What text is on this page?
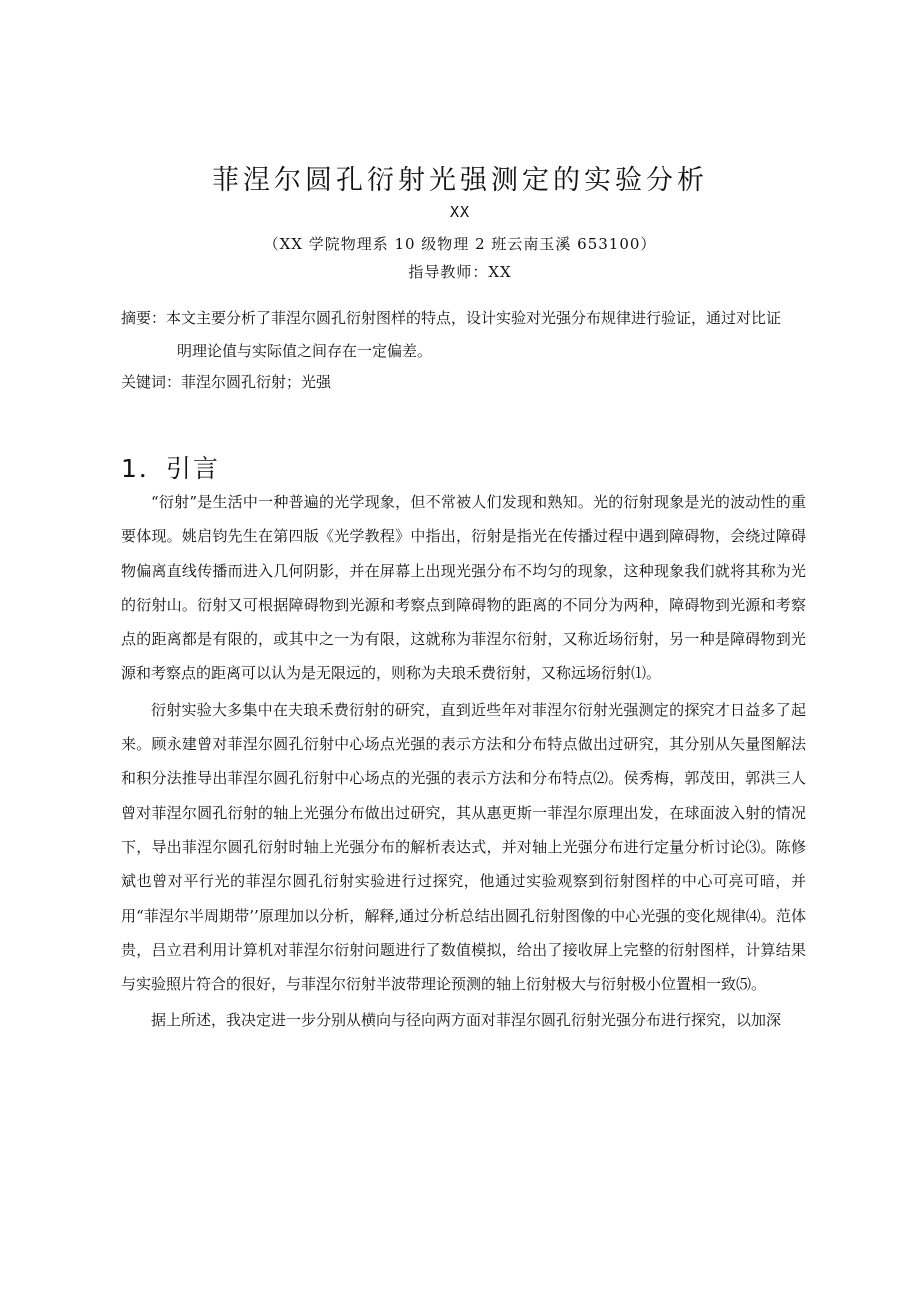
菲涅尔圆孔衍射光强测定的实验分析
XX
（XX 学院物理系 10 级物理 2 班云南玉溪 653100）
指导教师：XX
摘要：本文主要分析了菲涅尔圆孔衍射图样的特点，设计实验对光强分布规律进行验证，通过对比证
明理论值与实际值之间存在一定偏差。
关键词：菲涅尔圆孔衍射；光强
1．引言

“衍射”是生活中一种普遍的光学现象，但不常被人们发现和熟知。光的衍射现象是光的波动性的重要体现。姚启钧先生在第四版《光学教程》中指出，衍射是指光在传播过程中遇到障碍物，会绕过障碍物偏离直线传播而进入几何阴影，并在屏幕上出现光强分布不均匀的现象，这种现象我们就将其称为光的衍射山。衍射又可根据障碍物到光源和考察点到障碍物的距离的不同分为两种，障碍物到光源和考察点的距离都是有限的，或其中之一为有限，这就称为菲涅尔衍射，又称近场衍射，另一种是障碍物到光源和考察点的距离可以认为是无限远的，则称为夫琅禾费衍射，又称远场衍射⑴。

衍射实验大多集中在夫琅禾费衍射的研究，直到近些年对菲涅尔衍射光强测定的探究才日益多了起来。顾永建曾对菲涅尔圆孔衍射中心场点光强的表示方法和分布特点做出过研究，其分别从矢量图解法和积分法推导出菲涅尔圆孔衍射中心场点的光强的表示方法和分布特点⑵。侯秀梅，郭茂田，郭洪三人曾对菲涅尔圆孔衍射的轴上光强分布做出过研究，其从惠更斯一菲涅尔原理出发，在球面波入射的情况下，导出菲涅尔圆孔衍射时轴上光强分布的解析表达式，并对轴上光强分布进行定量分析讨论⑶。陈修斌也曾对平行光的菲涅尔圆孔衍射实验进行过探究，他通过实验观察到衍射图样的中心可亮可暗，并用“菲涅尔半周期带’’原理加以分析，解释,通过分析总结出圆孔衍射图像的中心光强的变化规律⑷。范体贵，吕立君利用计算机对菲涅尔衍射问题进行了数值模拟，给出了接收屏上完整的衍射图样，计算结果与实验照片符合的很好，与菲涅尔衍射半波带理论预测的轴上衍射极大与衍射极小位置相一致⑸。

据上所述，我决定进一步分别从横向与径向两方面对菲涅尔圆孔衍射光强分布进行探究，以加深
